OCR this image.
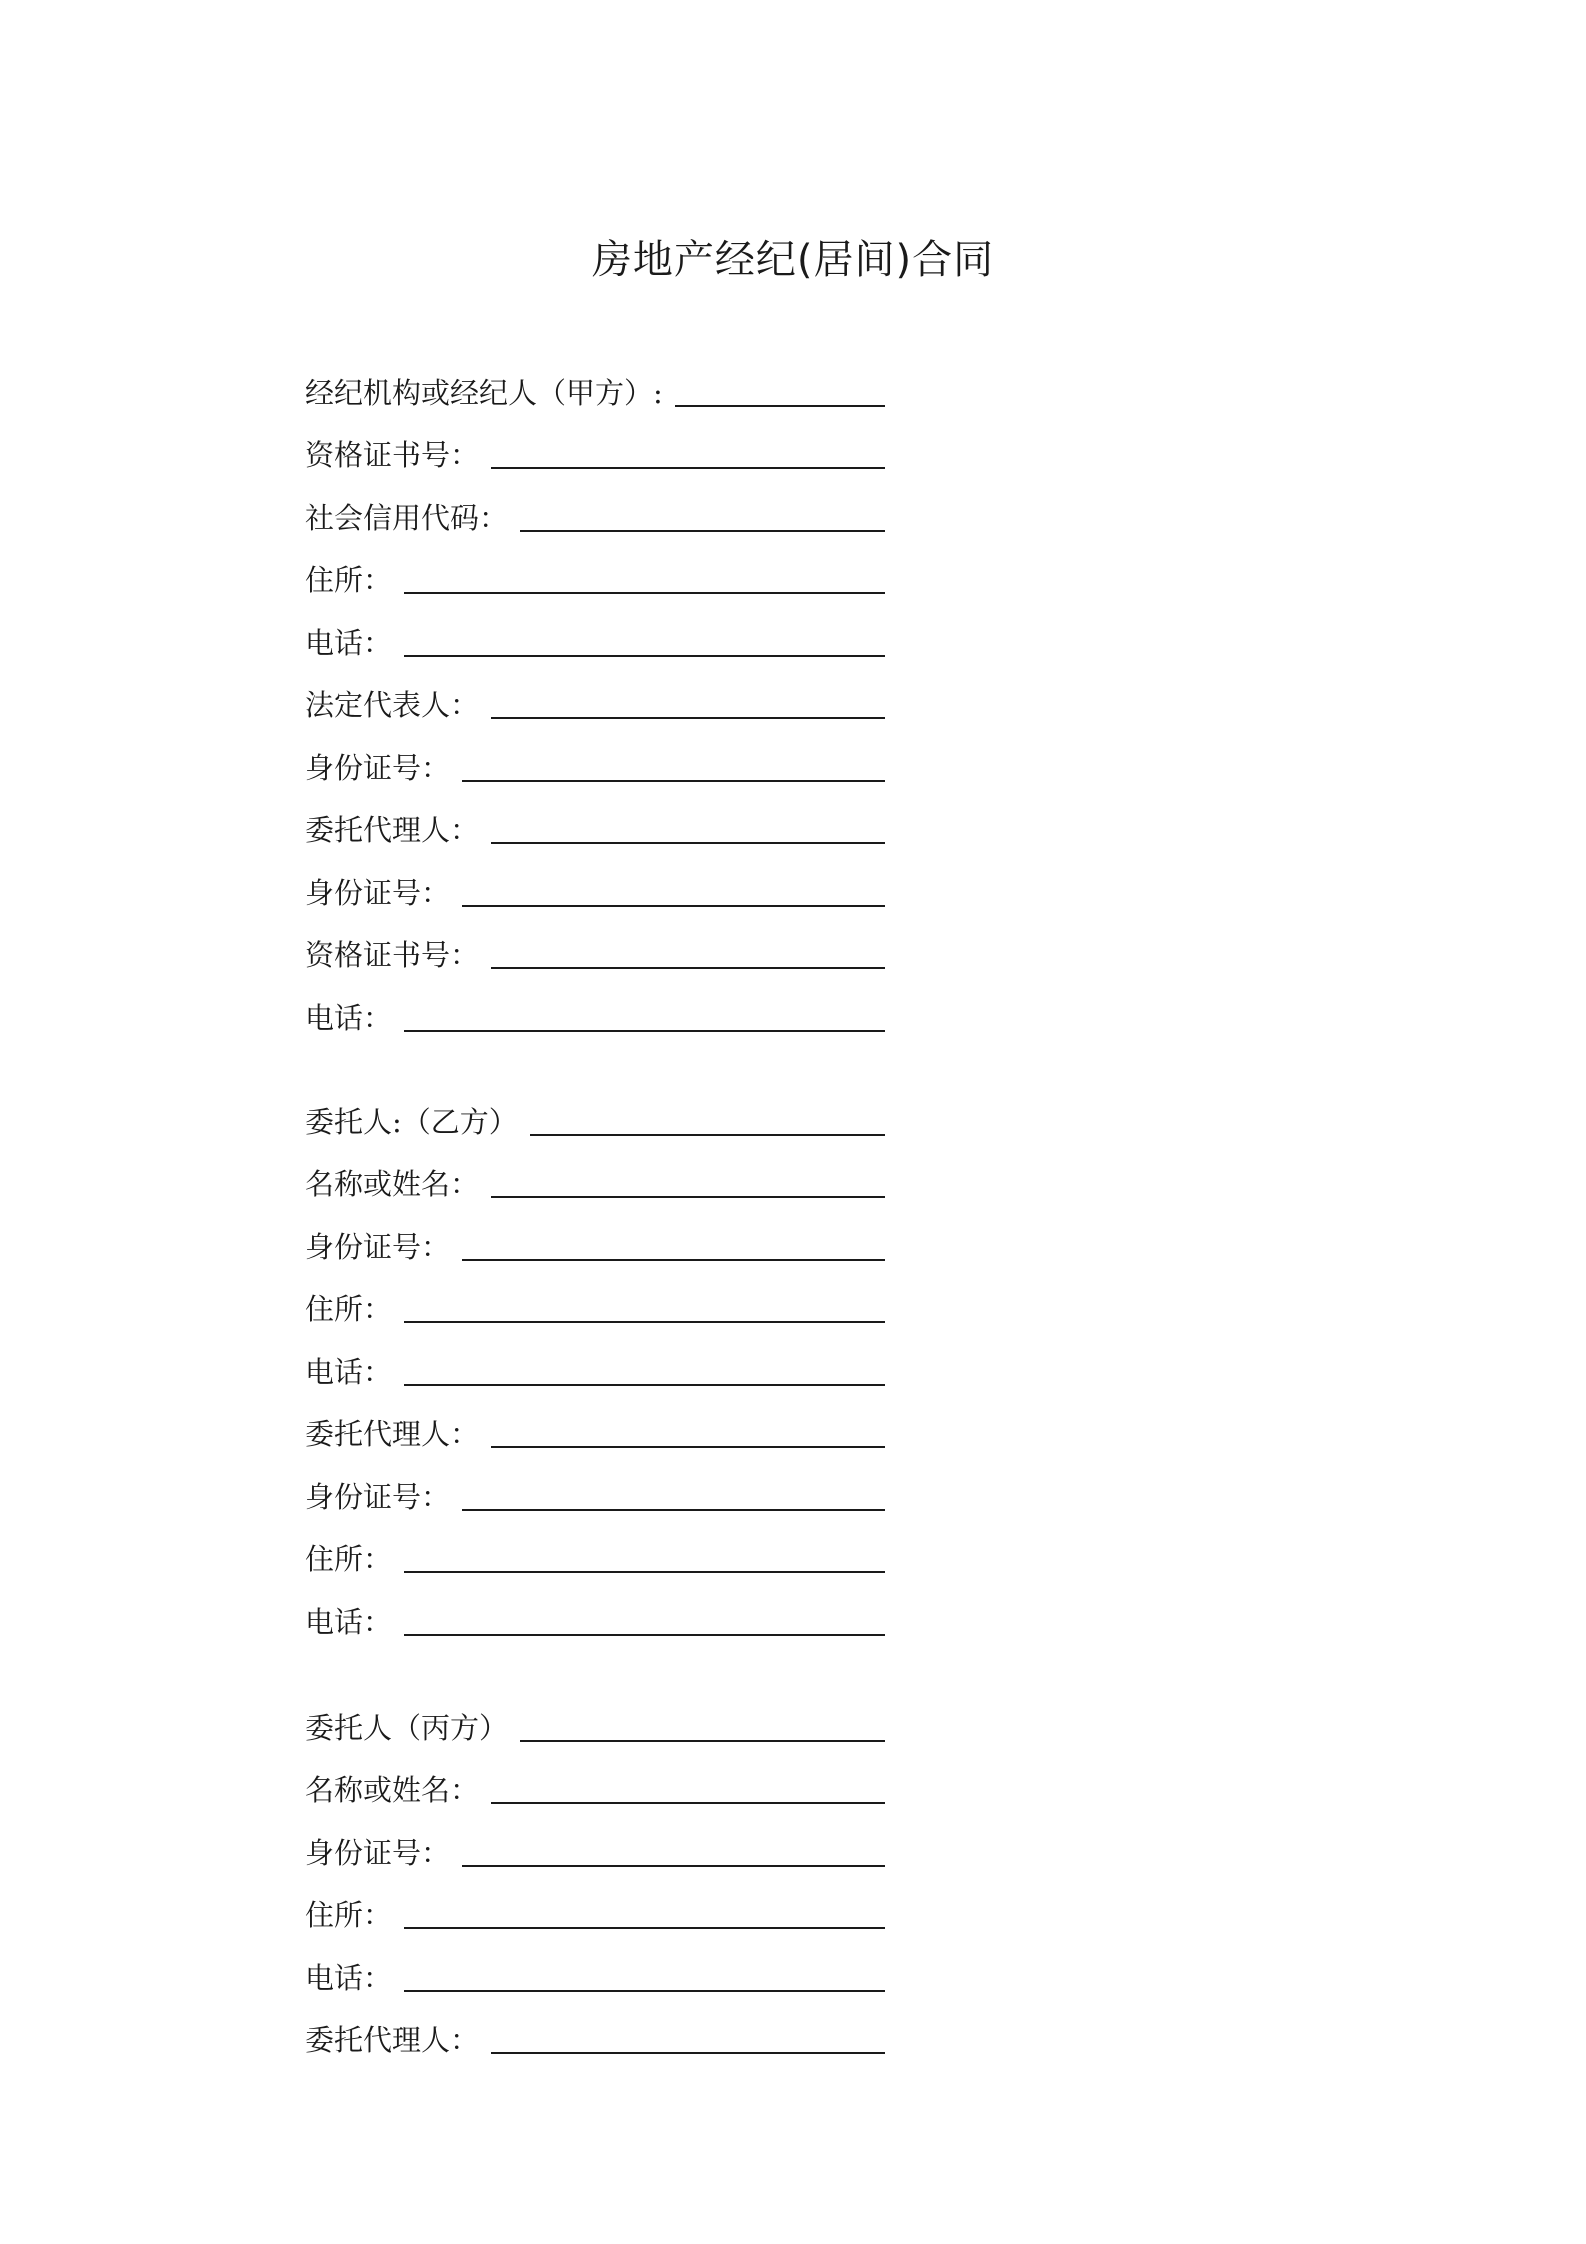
房地产经纪(居间)合同
经纪机构或经纪人（甲方）:
资格证书号：
社会信用代码：
住所：
电话：
法定代表人：
身份证号：
委托代理人：
身份证号：
资格证书号：
电话：
委托人:（乙方）
名称或姓名：
身份证号：
住所：
电话：
委托代理人：
身份证号：
住所：
电话：
委托人（丙方）
名称或姓名：
身份证号：
住所：
电话：
委托代理人：
